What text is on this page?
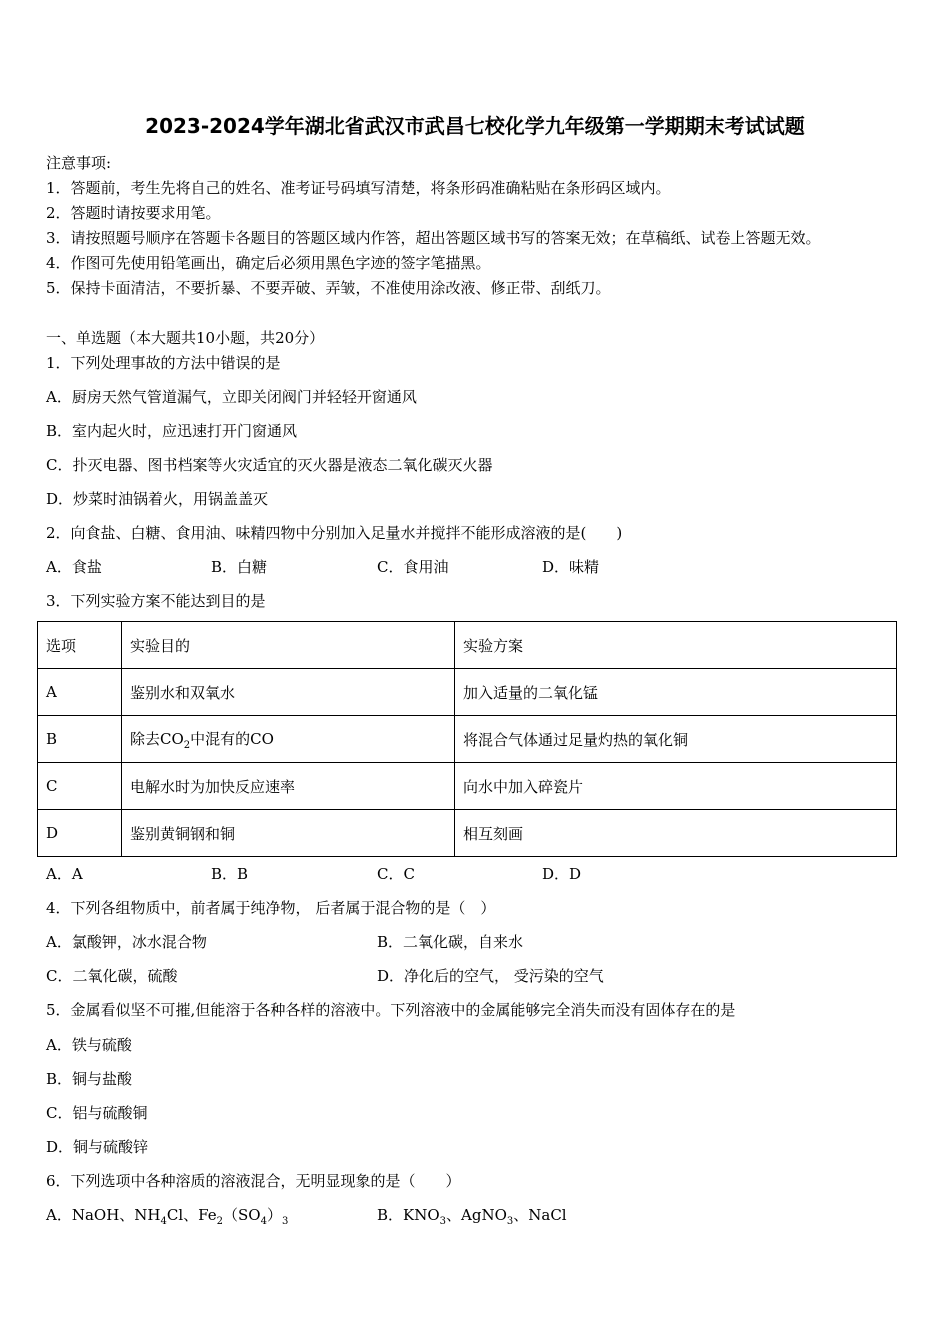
2023-2024学年湖北省武汉市武昌七校化学九年级第一学期期末考试试题
注意事项:
1．答题前，考生先将自己的姓名、准考证号码填写清楚，将条形码准确粘贴在条形码区域内。
2．答题时请按要求用笔。
3．请按照题号顺序在答题卡各题目的答题区域内作答，超出答题区域书写的答案无效；在草稿纸、试卷上答题无效。
4．作图可先使用铅笔画出，确定后必须用黑色字迹的签字笔描黑。
5．保持卡面清洁，不要折暴、不要弄破、弄皱，不准使用涂改液、修正带、刮纸刀。
一、单选题（本大题共10小题，共20分）
1．下列处理事故的方法中错误的是
A．厨房天然气管道漏气，立即关闭阀门并轻轻开窗通风
B．室内起火时，应迅速打开门窗通风
C．扑灭电器、图书档案等火灾适宜的灭火器是液态二氧化碳灭火器
D．炒菜时油锅着火，用锅盖盖灭
2．向食盐、白糖、食用油、味精四物中分别加入足量水并搅拌不能形成溶液的是(　　)
A．食盐	B．白糖	C．食用油	D．味精
3．下列实验方案不能达到目的是
选项	实验目的	实验方案
A	鉴别水和双氧水	加入适量的二氧化锰
B	除去$CO_2$中混有的CO	将混合气体通过足量灼热的氧化铜
C	电解水时为加快反应速率	向水中加入碎瓷片
D	鉴别黄铜钢和铜	相互刻画
A．A	B．B	C．C	D．D
4．下列各组物质中，前者属于纯净物， 后者属于混合物的是（　）
A．氯酸钾，冰水混合物	B．二氧化碳，自来水
C．二氧化碳，硫酸	D．净化后的空气， 受污染的空气
5．金属看似坚不可摧,但能溶于各种各样的溶液中。下列溶液中的金属能够完全消失而没有固体存在的是
A．铁与硫酸
B．铜与盐酸
C．铝与硫酸铜
D．铜与硫酸锌
6．下列选项中各种溶质的溶液混合，无明显现象的是（　　）
A．NaOH、$NH_4Cl$、$Fe_2(SO_4)_3$	B．$KNO_3$、AgNO$_3$、NaCl
